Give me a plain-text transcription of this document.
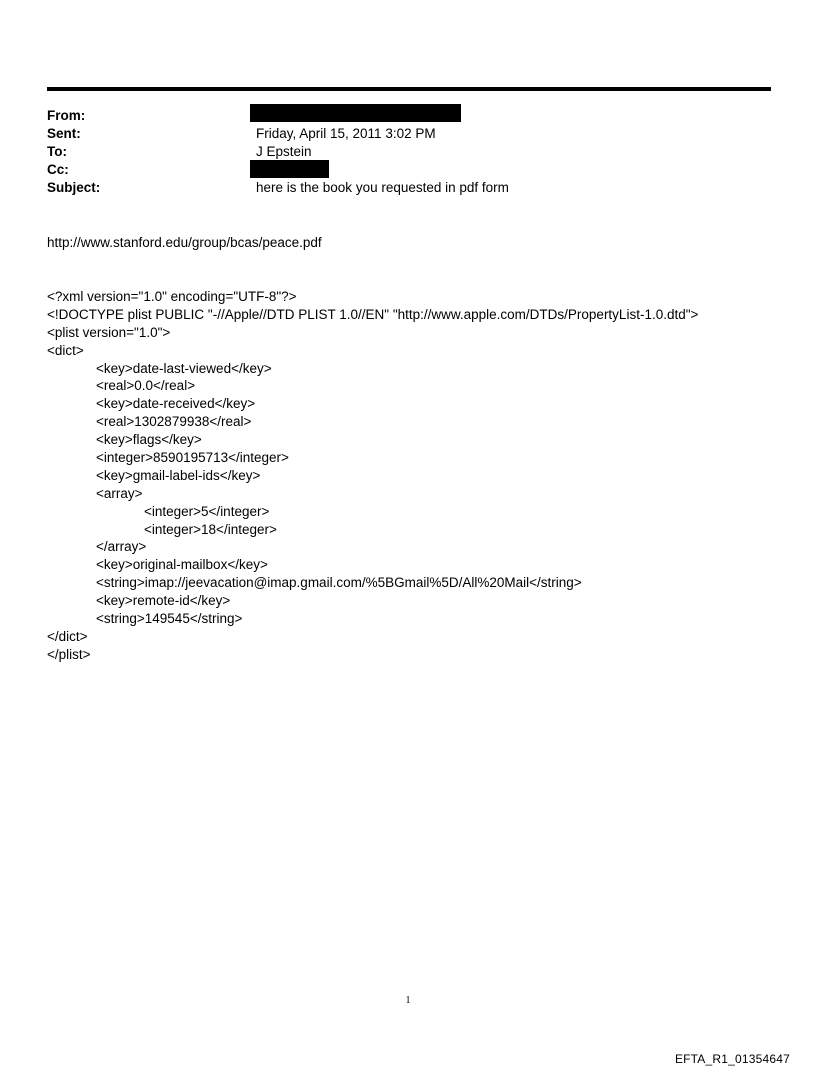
From:
Sent:	Friday, April 15, 2011 3:02 PM
To:	J Epstein
Cc:
Subject:	here is the book you requested in pdf form
http://www.stanford.edu/group/bcas/peace.pdf
<?xml version="1.0" encoding="UTF-8"?>
<!DOCTYPE plist PUBLIC "-//Apple//DTD PLIST 1.0//EN" "http://www.apple.com/DTDs/PropertyList-1.0.dtd">
<plist version="1.0">
<dict>
<key>date-last-viewed</key>
<real>0.0</real>
<key>date-received</key>
<real>1302879938</real>
<key>flags</key>
<integer>8590195713</integer>
<key>gmail-label-ids</key>
<array>
<integer>5</integer>
<integer>18</integer>
</array>
<key>original-mailbox</key>
<string>imap://jeevacation@imap.gmail.com/%5BGmail%5D/All%20Mail</string>
<key>remote-id</key>
<string>149545</string>
</dict>
</plist>
1
EFTA_R1_01354647
